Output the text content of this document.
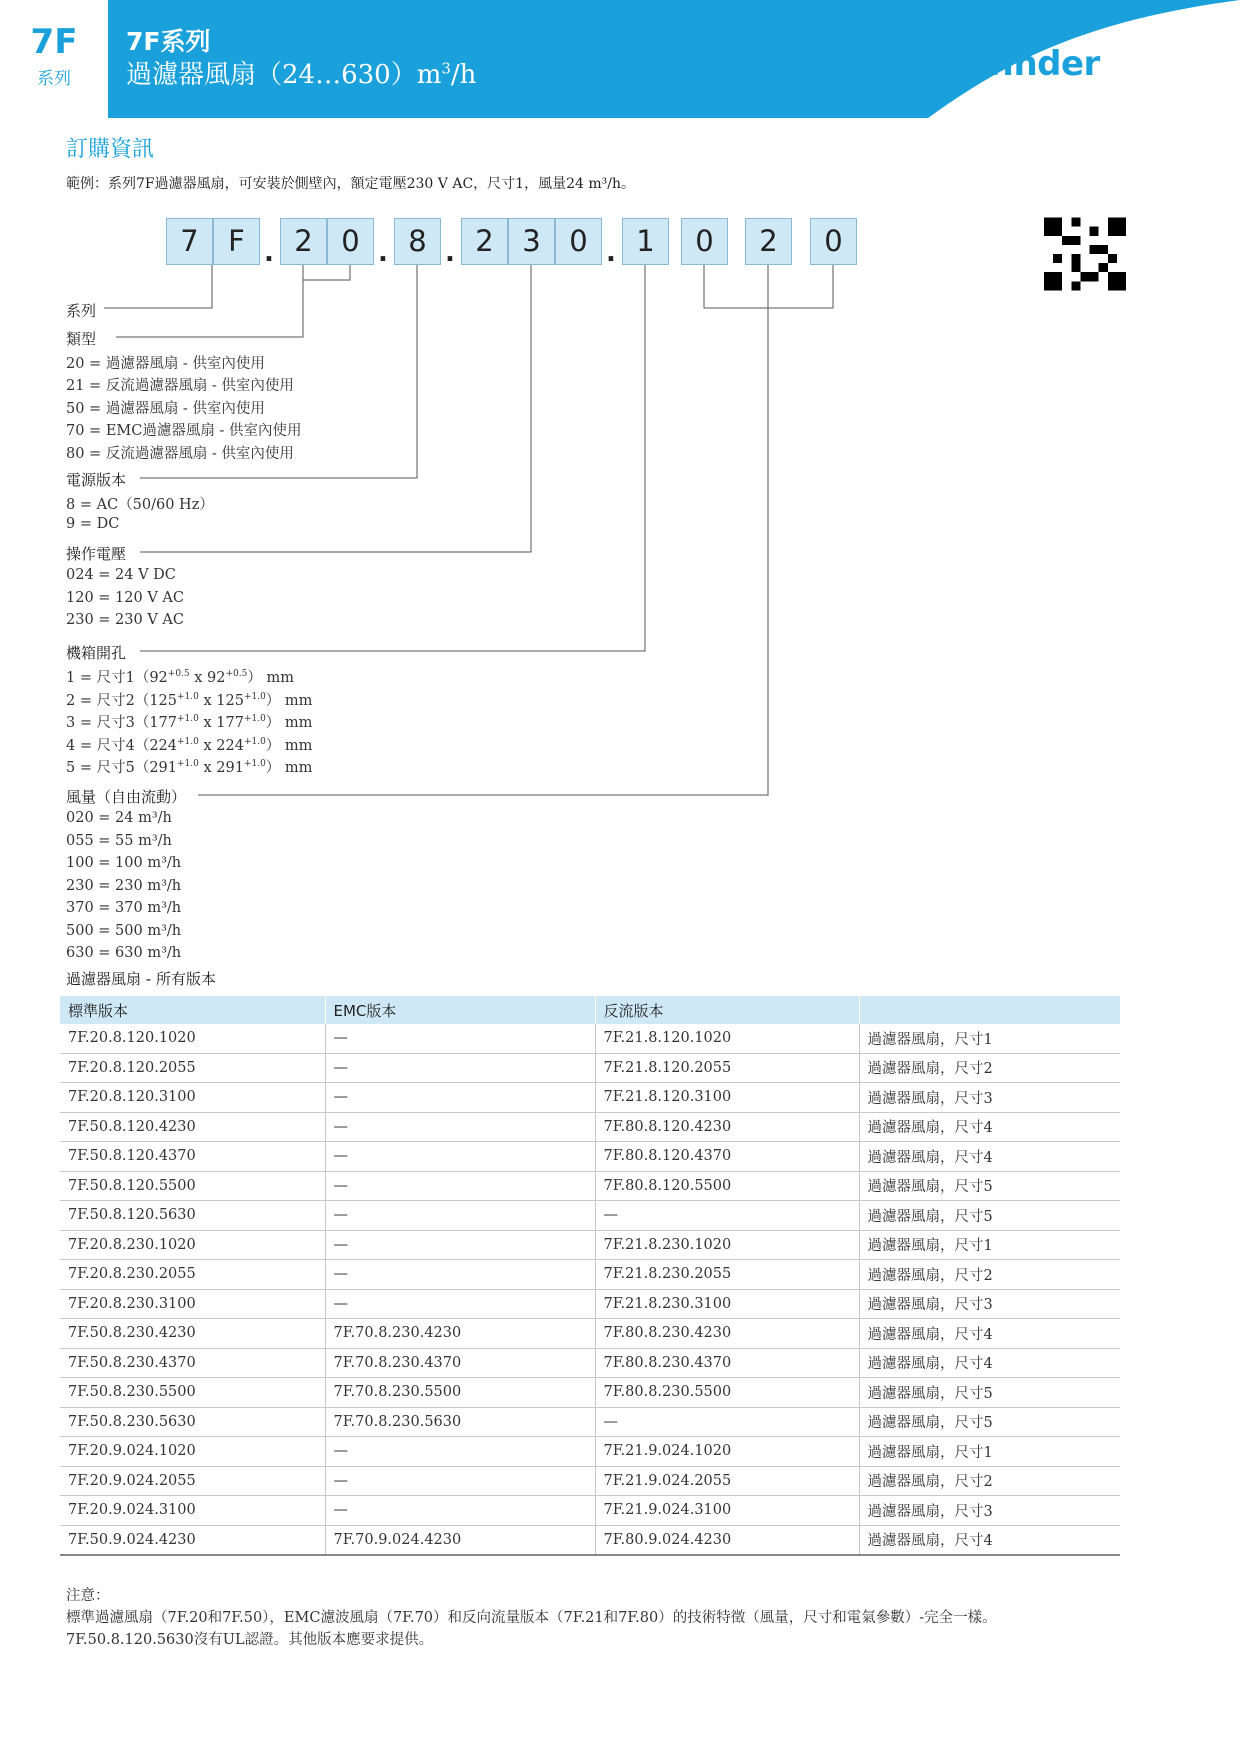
7F
系列
7F系列
過濾器風扇$(24\dots 630)m^3/h$	finder
訂購資訊
範例：系列7F過濾器風扇，可安裝於側壁內，額定電壓230 V AC，尺寸1，風量24 m³/h。
7	F . 2 0 . 8 . 2 3 0 . 1	0	2	0
系列
類型
20 = 過濾器風扇 - 供室內使用
21 = 反流過濾器風扇 - 供室內使用
50 = 過濾器風扇 - 供室內使用
70 = EMC過濾器風扇 - 供室內使用
80 = 反流過濾器風扇 - 供室內使用
電源版本
8 = AC（50/60 Hz）
9 = DC
操作電壓
024 = 24 V DC
120 = 120 V AC
230 = 230 V AC
機箱開孔
1 = 尺寸$1(92^{+0.5}$ x $92^{+0.5}$） mm
2 = 尺寸$2(125^{+1.0}$ x $125^{+1.0}$） mm
3 = 尺寸$3(177^{+1.0}$ x $177^{+1.0}$） mm
4 = 尺寸$4(224^{+1.0}$ x $224^{+1.0}$） mm
5 = 尺寸$5(291^{+1.0}$ x $291^{+1.0}$） mm
風量（自由流動）
020 = 24 m³/h
055 = 55 m³/h
100 = 100 m³/h
230 = 230 m³/h
370 = 370 m³/h
500 = 500 m³/h
630 = 630 m³/h
過濾器風扇 - 所有版本
標準版本	EMC版本	反流版本	
7F.20.8.120.1020	—	7F.21.8.120.1020	過濾器風扇，尺寸1
7F.20.8.120.2055	—	7F.21.8.120.2055	過濾器風扇，尺寸2
7F.20.8.120.3100	—	7F.21.8.120.3100	過濾器風扇，尺寸3
7F.50.8.120.4230	—	7F.80.8.120.4230	過濾器風扇，尺寸4
7F.50.8.120.4370	—	7F.80.8.120.4370	過濾器風扇，尺寸4
7F.50.8.120.5500	—	7F.80.8.120.5500	過濾器風扇，尺寸5
7F.50.8.120.5630	—	—	過濾器風扇，尺寸5
7F.20.8.230.1020	—	7F.21.8.230.1020	過濾器風扇，尺寸1
7F.20.8.230.2055	—	7F.21.8.230.2055	過濾器風扇，尺寸2
7F.20.8.230.3100	—	7F.21.8.230.3100	過濾器風扇，尺寸3
7F.50.8.230.4230	7F.70.8.230.4230	7F.80.8.230.4230	過濾器風扇，尺寸4
7F.50.8.230.4370	7F.70.8.230.4370	7F.80.8.230.4370	過濾器風扇，尺寸4
7F.50.8.230.5500	7F.70.8.230.5500	7F.80.8.230.5500	過濾器風扇，尺寸5
7F.50.8.230.5630	7F.70.8.230.5630	—	過濾器風扇，尺寸5
7F.20.9.024.1020	—	7F.21.9.024.1020	過濾器風扇，尺寸1
7F.20.9.024.2055	—	7F.21.9.024.2055	過濾器風扇，尺寸2
7F.20.9.024.3100	—	7F.21.9.024.3100	過濾器風扇，尺寸3
7F.50.9.024.4230	7F.70.9.024.4230	7F.80.9.024.4230	過濾器風扇，尺寸4
注意：
標準過濾風扇（7F.20和7F.50），EMC濾波風扇（7F.70）和反向流量版本（7F.21和7F.80）的技術特徵（風量，尺寸和電氣參數）-完全一樣。
7F.50.8.120.5630沒有UL認證。其他版本應要求提供。
